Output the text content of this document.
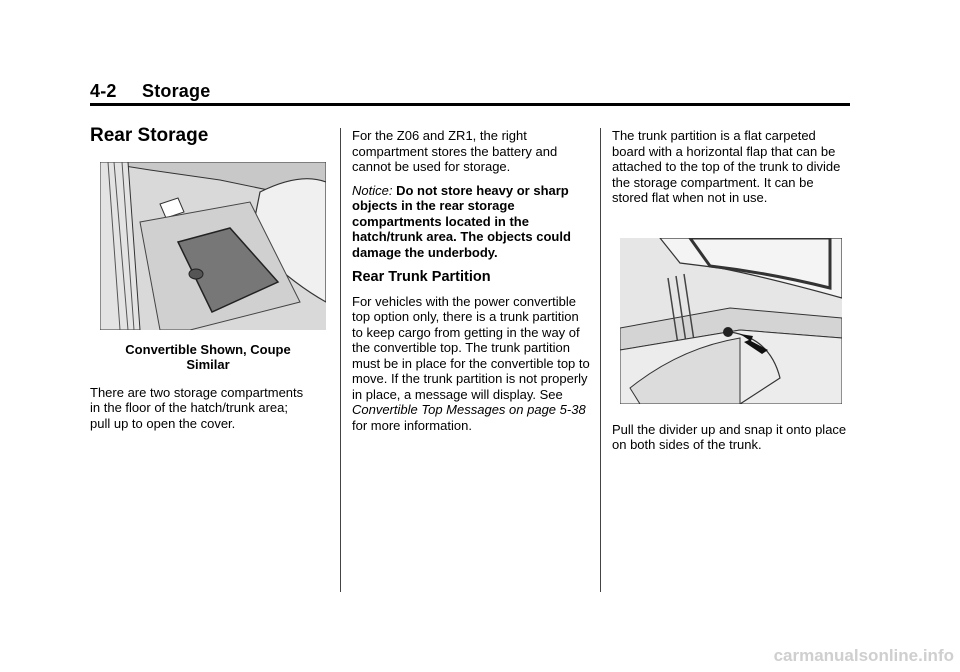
4-2 Storage
Rear Storage
Convertible Shown, Coupe
Similar

There are two storage compartments in the floor of the hatch/trunk area; pull up to open the cover.

For the Z06 and ZR1, the right compartment stores the battery and cannot be used for storage.

Notice: Do not store heavy or sharp objects in the rear storage compartments located in the hatch/trunk area. The objects could damage the underbody.

Rear Trunk Partition

For vehicles with the power convertible top option only, there is a trunk partition to keep cargo from getting in the way of the convertible top. The trunk partition must be in place for the convertible top to move. If the trunk partition is not properly in place, a message will display. See Convertible Top Messages on page 5-38 for more information.

The trunk partition is a flat carpeted board with a horizontal flap that can be attached to the top of the trunk to divide the storage compartment. It can be stored flat when not in use.

Pull the divider up and snap it onto place on both sides of the trunk.

carmanualsonline.info
